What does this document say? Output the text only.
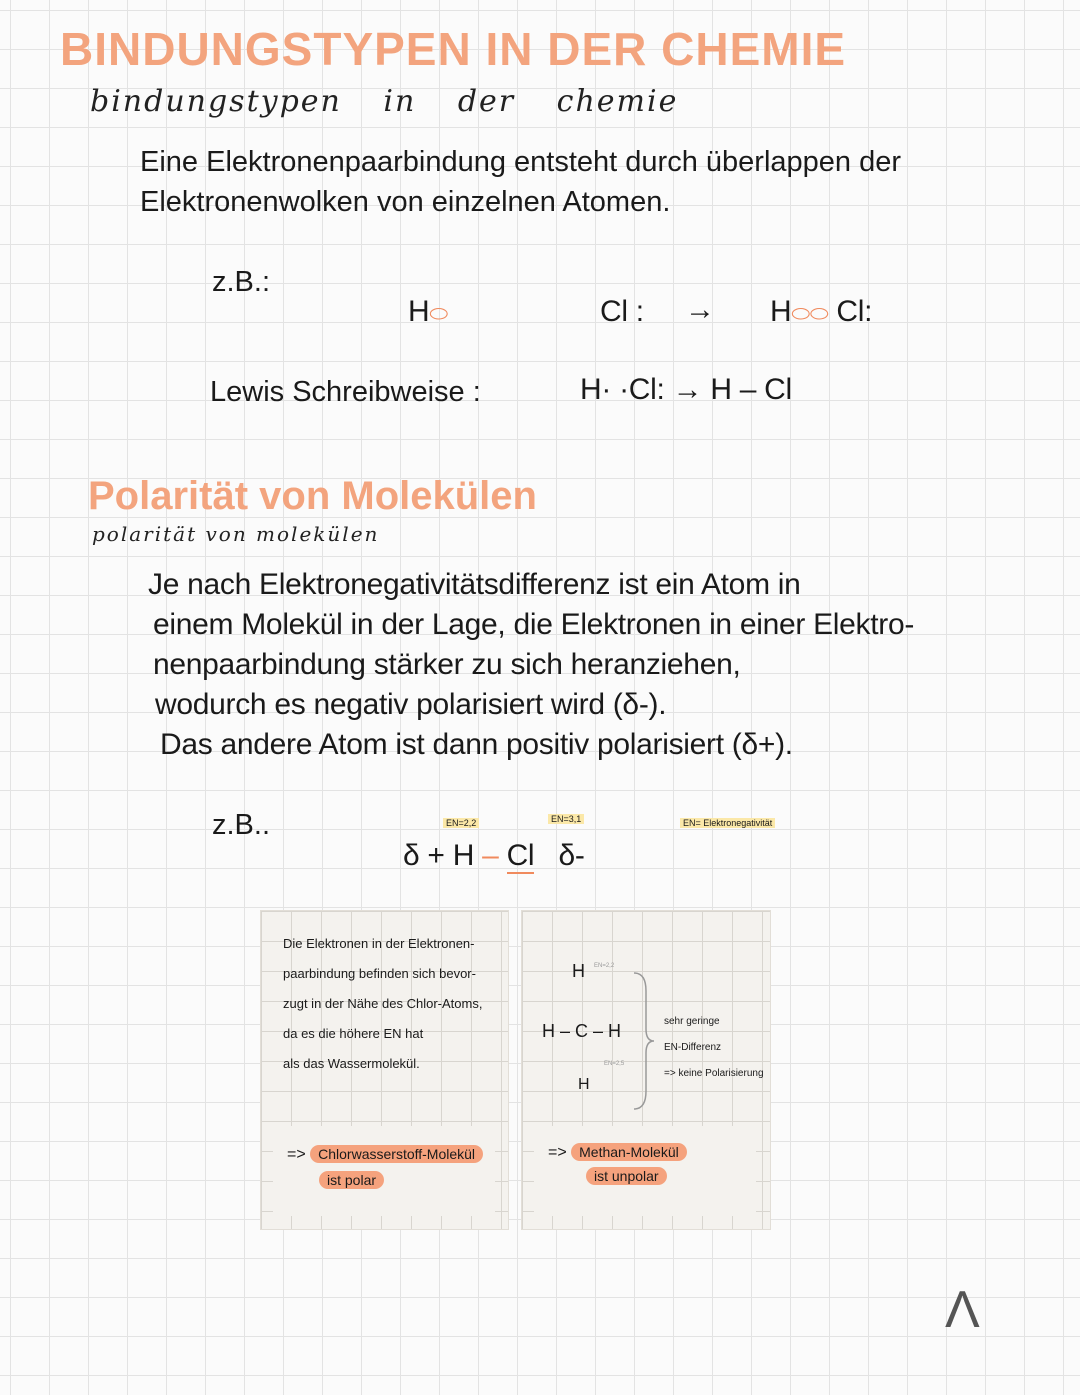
BINDUNGSTYPEN IN DER CHEMIE
bindungstypen in der chemie
Eine Elektronenpaarbindung entsteht durch überlappen der
Elektronenwolken von einzelnen Atomen.
z.B.:
H⬭	Cl : → H⬭⬭ Cl:
Lewis Schreibweise :	H· ·Cl: → H – Cl
Polarität von Molekülen
polarität von molekülen
Je nach Elektronegativitätsdifferenz ist ein Atom in
einem Molekül in der Lage, die Elektronen in einer Elektro-
nenpaarbindung stärker zu sich heranziehen,
wodurch es negativ polarisiert wird (δ-).
Das andere Atom ist dann positiv polarisiert (δ+).
z.B..	EN=2,2	EN=3,1	EN= Elektronegativität
δ + H – Cl δ-
Die Elektronen in der Elektronen-
paarbindung befinden sich bevor-
zugt in der Nähe des Chlor-Atoms,
da es die höhere EN hat
als das Wassermolekül.
=> Chlorwasserstoff-Molekül
ist polar
H EN=2,2
H – C – H
EN=2,5
H
sehr geringe
EN-Differenz
=> keine Polarisierung
=> Methan-Molekül
ist unpolar
Λ
